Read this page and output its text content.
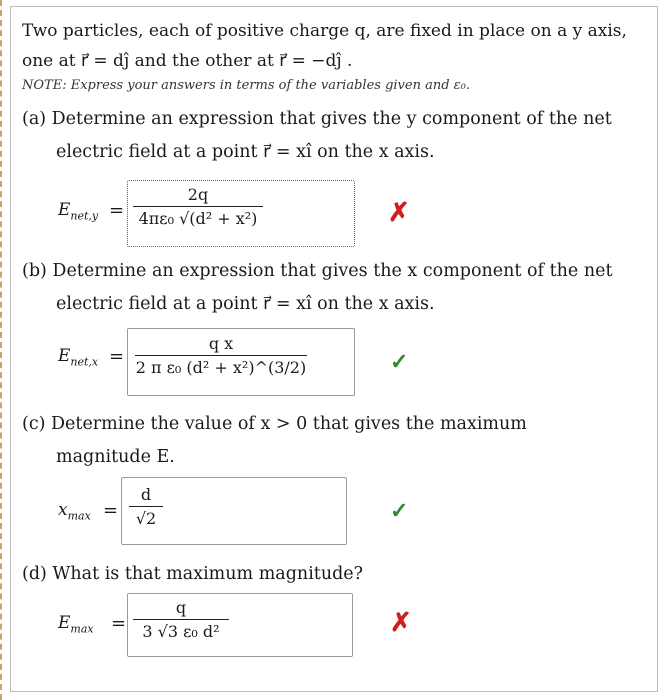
Two particles, each of positive charge q, are fixed in place on a y axis,
one at r⃗ = dĵ and the other at r⃗ = −dĵ .
NOTE: Express your answers in terms of the variables given and ε₀.
(a) Determine an expression that gives the y component of the net
electric field at a point r⃗ = xî on the x axis.
$E_{net,y}$ =
2q
4πε₀ √(d² + x²)	✗
(b) Determine an expression that gives the x component of the net
electric field at a point r⃗ = xî on the x axis.
$E_{net,x}$ =
q x
2 π ε₀ (d² + x²)^(3/2)	✓
(c) Determine the value of x > 0 that gives the maximum
magnitude E.
$x_{max}$ =
d
√2	✓
(d) What is that maximum magnitude?
$E_{max}$ =
q
3 √3 ε₀ d²	✗
